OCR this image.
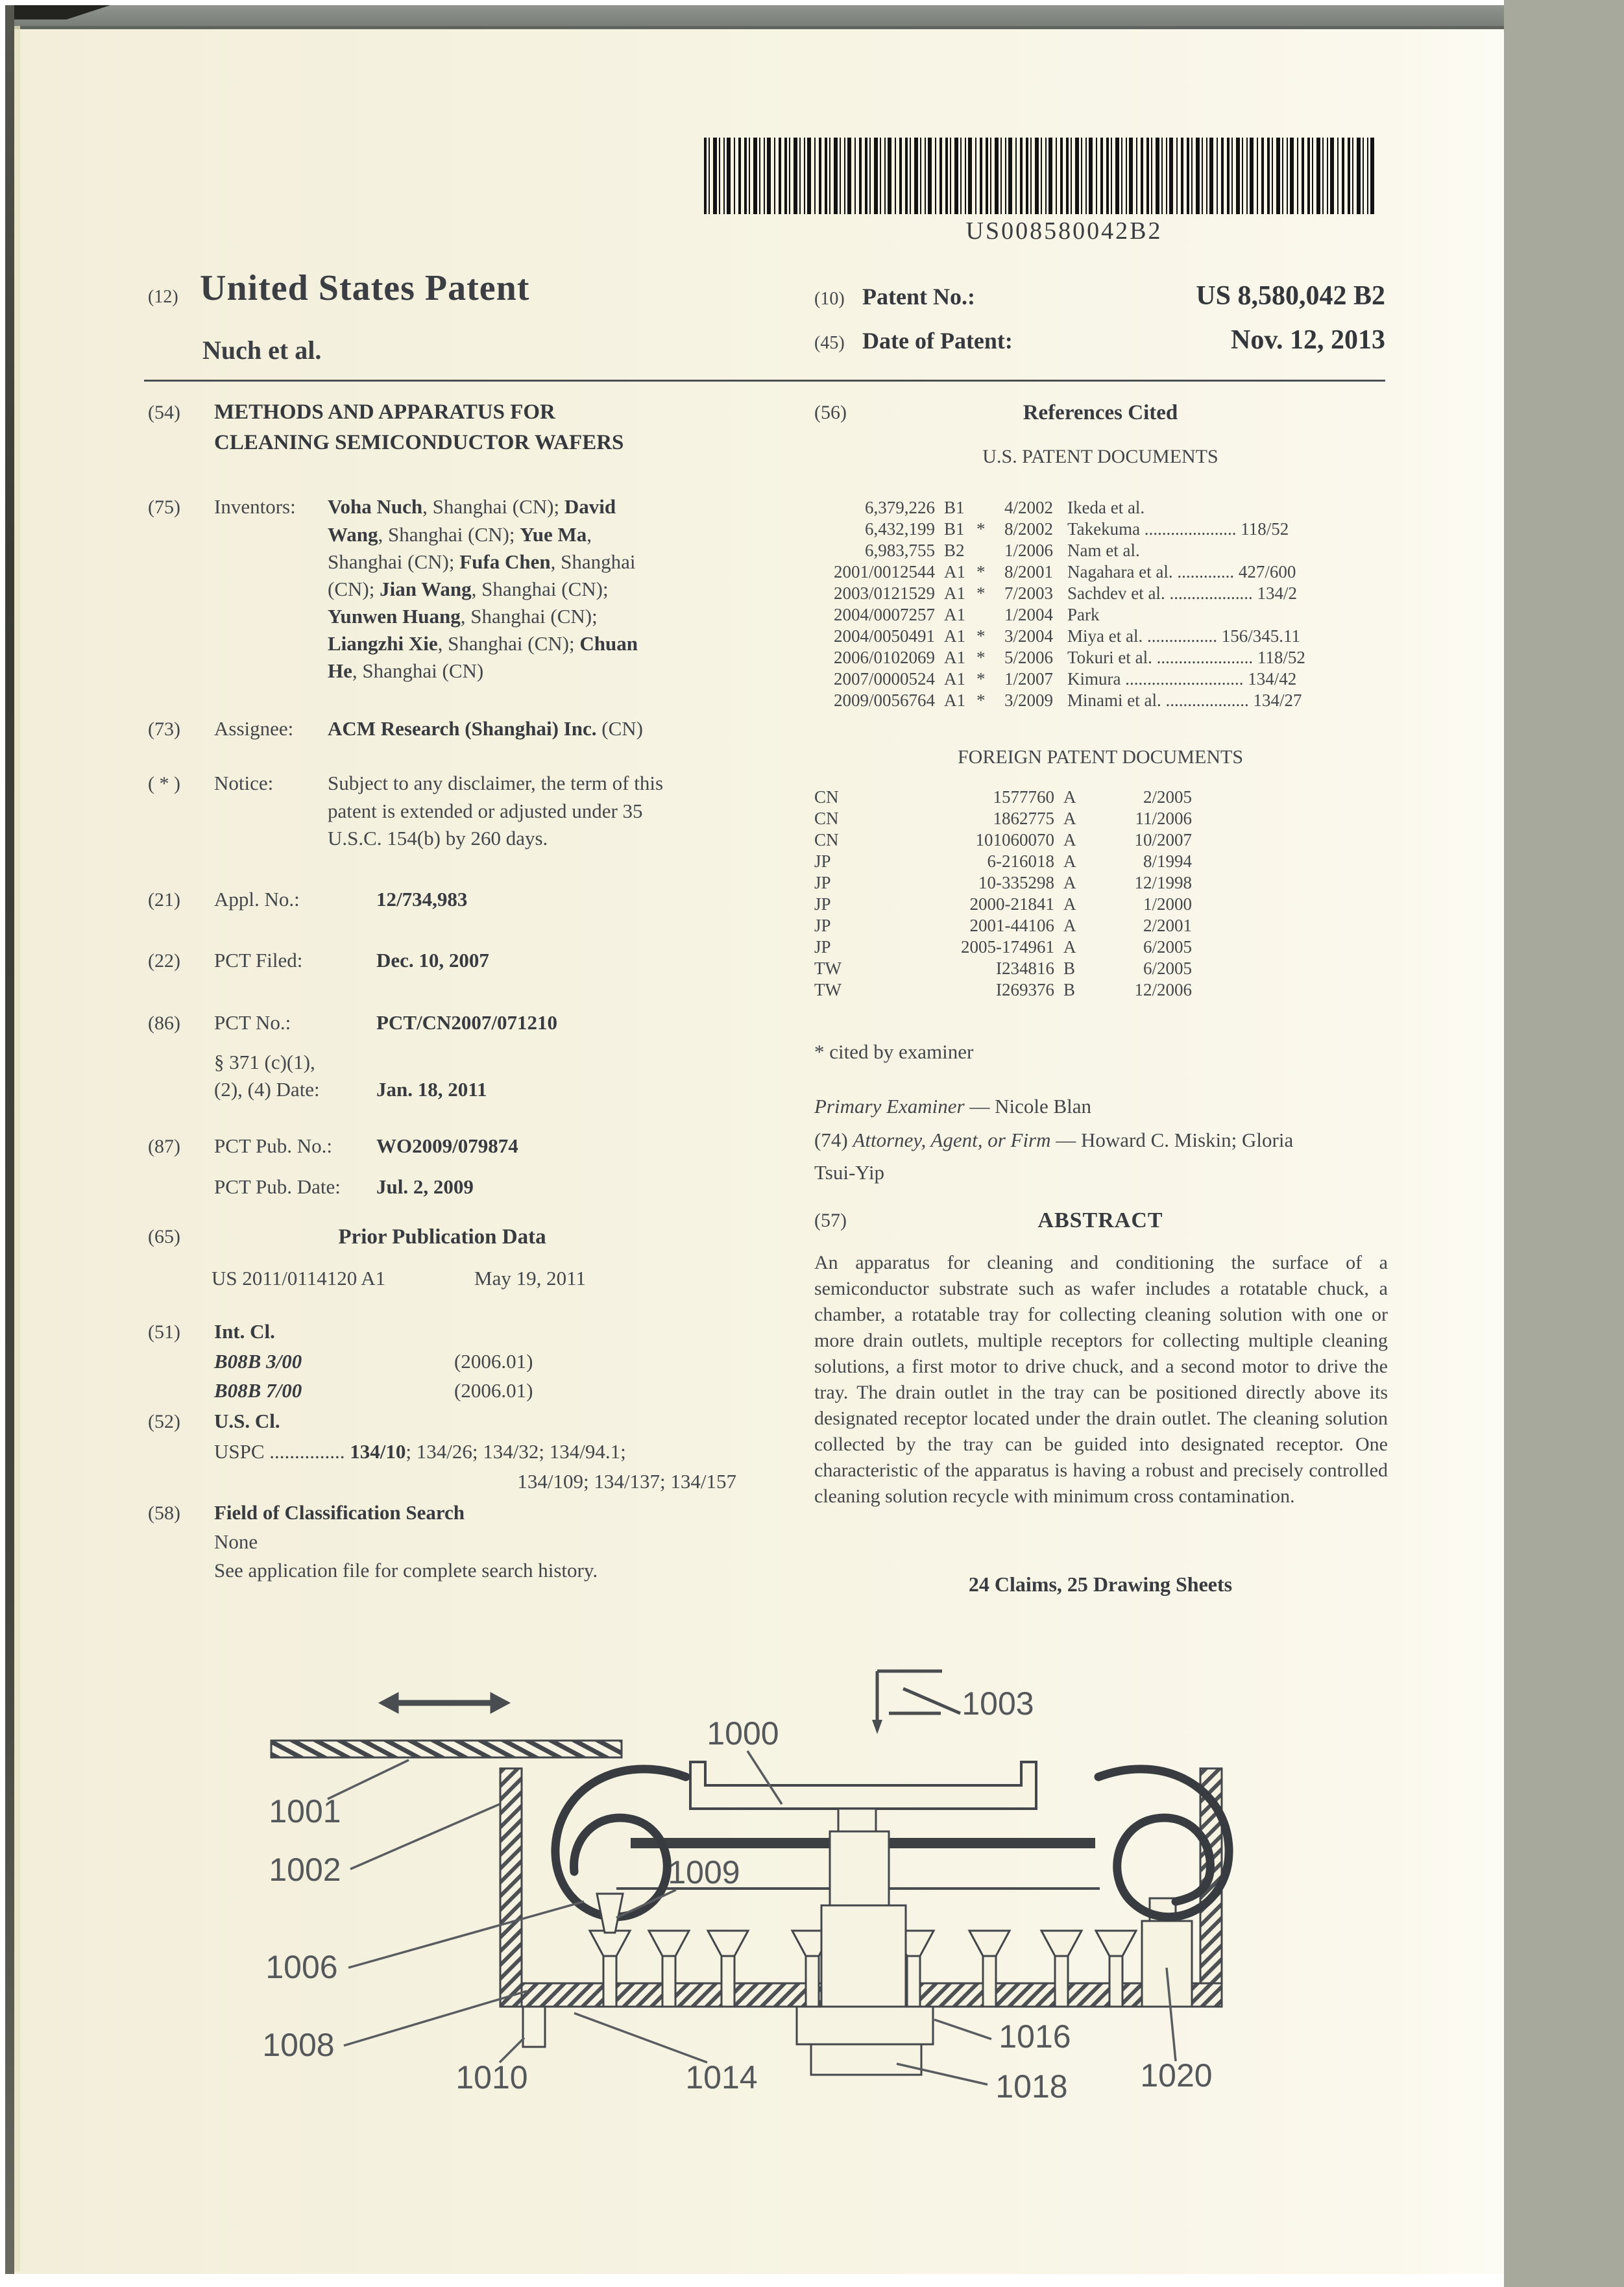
US008580042B2
(12) United States Patent
Nuch et al.
(10) Patent No.:	US 8,580,042 B2
(45) Date of Patent:	Nov. 12, 2013
(54)	METHODS AND APPARATUS FOR
CLEANING SEMICONDUCTOR WAFERS
(75)	Inventors:	Voha Nuch, Shanghai (CN); David
Wang, Shanghai (CN); Yue Ma,
Shanghai (CN); Fufa Chen, Shanghai
(CN); Jian Wang, Shanghai (CN);
Yunwen Huang, Shanghai (CN);
Liangzhi Xie, Shanghai (CN); Chuan
He, Shanghai (CN)
(73)	Assignee:	ACM Research (Shanghai) Inc. (CN)
( * )	Notice:	Subject to any disclaimer, the term of this
patent is extended or adjusted under 35
U.S.C. 154(b) by 260 days.
(21)	Appl. No.:	12/734,983
(22)	PCT Filed:	Dec. 10, 2007
(86)	PCT No.:	PCT/CN2007/071210
§ 371 (c)(1),
(2), (4) Date:	Jan. 18, 2011
(87)	PCT Pub. No.:	WO2009/079874
PCT Pub. Date:	Jul. 2, 2009
(65)	Prior Publication Data
US 2011/0114120 A1	May 19, 2011
(51)	Int. Cl.
B08B 3/00	(2006.01)
B08B 7/00	(2006.01)
(52)	U.S. Cl.
USPC ............... 134/10; 134/26; 134/32; 134/94.1;
134/109; 134/137; 134/157
(58)	Field of Classification Search
None
See application file for complete search history.
(56)	References Cited
U.S. PATENT DOCUMENTS
6,379,226 B1	4/2002 Ikeda et al.
6,432,199 B1 *	8/2002 Takekuma ..................... 118/52
6,983,755 B2	1/2006 Nam et al.
2001/0012544 A1 *	8/2001 Nagahara et al. ............. 427/600
2003/0121529 A1 *	7/2003 Sachdev et al. ................... 134/2
2004/0007257 A1	1/2004 Park
2004/0050491 A1 *	3/2004 Miya et al. ................ 156/345.11
2006/0102069 A1 *	5/2006 Tokuri et al. ...................... 118/52
2007/0000524 A1 *	1/2007 Kimura ........................... 134/42
2009/0056764 A1 *	3/2009 Minami et al. ................... 134/27
FOREIGN PATENT DOCUMENTS
CN	1577760 A	2/2005
CN	1862775 A	11/2006
CN	101060070 A	10/2007
JP	6-216018 A	8/1994
JP	10-335298 A	12/1998
JP	2000-21841 A	1/2000
JP	2001-44106 A	2/2001
JP	2005-174961 A	6/2005
TW	I234816 B	6/2005
TW	I269376 B	12/2006
* cited by examiner
Primary Examiner — Nicole Blan
(74) Attorney, Agent, or Firm — Howard C. Miskin; Gloria
Tsui-Yip
(57)	ABSTRACT
An apparatus for cleaning and conditioning the surface of a semiconductor substrate such as wafer includes a rotatable chuck, a chamber, a rotatable tray for collecting cleaning solution with one or more drain outlets, multiple receptors for collecting multiple cleaning solutions, a first motor to drive chuck, and a second motor to drive the tray. The drain outlet in the tray can be positioned directly above its designated receptor located under the drain outlet. The cleaning solution collected by the tray can be guided into designated receptor. One characteristic of the apparatus is having a robust and precisely controlled cleaning solution recycle with minimum cross contamination.
24 Claims, 25 Drawing Sheets
1000
1003
1001
1002
1006
1008
1009
1010	1014
1016
1018 1020
